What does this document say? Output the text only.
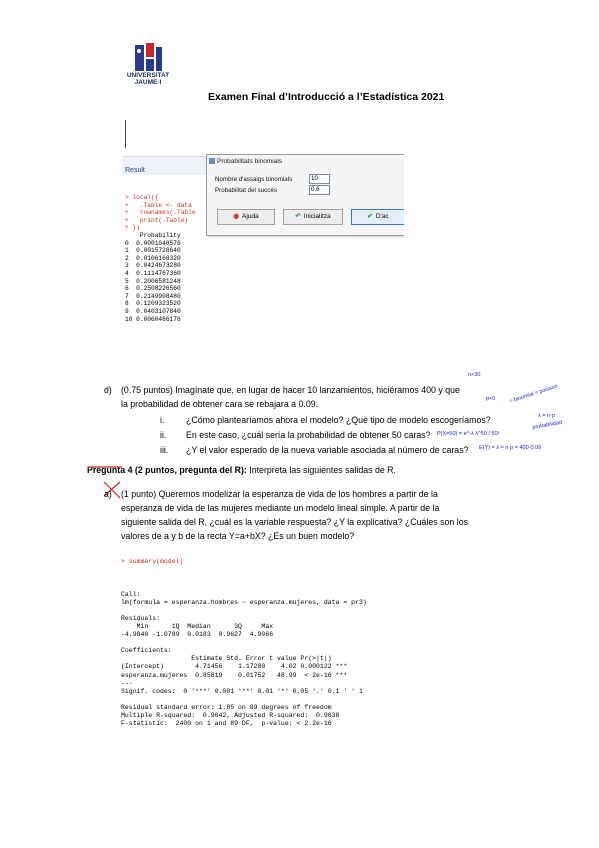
UNIVERSITAT
JAUME·I
Examen Final d’Introducció a l’Estadística 2021
Result
> local({
+   .Table <- data
+   rownames(.Table
+   print(.Table)
+ })
Probability
0  0.0001048576
1  0.0015728640
2  0.0106168320
3  0.0424673280
4  0.1114767360
5  0.2006581248
6  0.2508226560
7  0.2149908480
8  0.1209323520
9  0.0403107840
10 0.0060466176
Probabilitats binomials
Nombre d'assaigs binomials	10
Probabilitat del succés	0.6
◉ Ajuda	↶ Inicialitza	✔ D'ac
d) (0.75 puntos) Imagínate que, en lugar de hacer 10 lanzamientos, hiciéramos 400 y que
la probabilidad de obtener cara se rebajara a 0.09.
i. ¿Cómo plantearíamos ahora el modelo? ¿Qué tipo de modelo escogeríamos?
ii. En este caso, ¿cuál sería la probabilidad de obtener 50 caras?
iii. ¿Y el valor esperado de la nueva variable asociada al número de caras?
n>30
p<0 ≈ binomial ≈ poisson
λ = n·p
P(X=50) = e^-λ λ^50 / 50!
probabilidad
E(Y) = λ = n·p = 400·0.09
Pregunta 4 (2 puntos, pregunta del R): Interpreta las siguientes salidas de R.
a) (1 punto) Queremos modelizar la esperanza de vida de los hombres a partir de la
esperanza de vida de las mujeres mediante un modelo lineal simple. A partir de la
siguiente salida del R, ¿cuál es la variable respuesta? ¿Y la explicativa? ¿Cuáles son los
valores de a y b de la recta Y=a+bX? ¿Es un buen modelo?

> summary(model)

Call:
lm(formula = esperanza.hombres ~ esperanza.mujeres, data = pr3)
Residuals:
Min      1Q  Median      3Q     Max
-4.9840 -1.0789  0.0183  0.9627  4.9066
Coefficients:
Estimate Std. Error t value Pr(>|t|)
(Intercept)        4.71456    1.17280    4.02 0.000122 ***
esperanza.mujeres  0.85819    0.01752   48.99  < 2e-16 ***
---
Signif. codes:  0 '***' 0.001 '**' 0.01 '*' 0.05 '.' 0.1 ' ' 1
Residual standard error: 1.85 on 89 degrees of freedom
Multiple R-squared:  0.9642, Adjusted R-squared:  0.9638
F-statistic:  2400 on 1 and 89 DF,  p-value: < 2.2e-16
